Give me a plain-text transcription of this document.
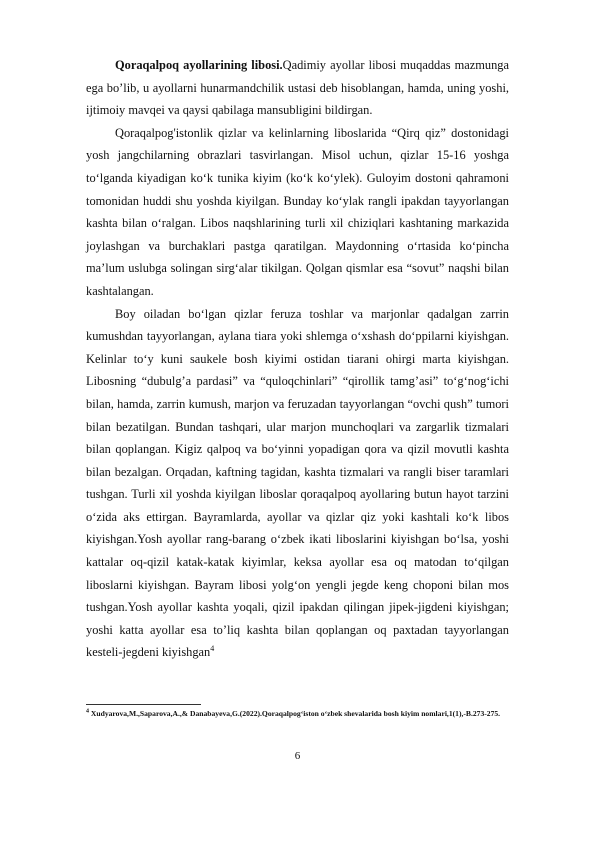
Qoraqalpoq ayollarining libosi.Qadimiy ayollar libosi muqaddas mazmunga ega bo’lib, u ayollarni hunarmandchilik ustasi deb hisoblangan, hamda, uning yoshi, ijtimoiy mavqei va qaysi qabilaga mansubligini bildirgan.

Qoraqalpog'istonlik qizlar va kelinlarning liboslarida “Qirq qiz” dostonidagi yosh jangchilarning obrazlari tasvirlangan. Misol uchun, qizlar 15-16 yoshga to‘lganda kiyadigan ko‘k tunika kiyim (ko‘k ko‘ylek). Guloyim dostoni qahramoni tomonidan huddi shu yoshda kiyilgan. Bunday ko‘ylak rangli ipakdan tayyorlangan kashta bilan o‘ralgan. Libos naqshlarining turli xil chiziqlari kashtaning markazida joylashgan va burchaklari pastga qaratilgan. Maydonning o‘rtasida ko‘pincha ma’lum uslubga solingan sirg‘alar tikilgan. Qolgan qismlar esa “sovut” naqshi bilan kashtalangan.

Boy oiladan bo‘lgan qizlar feruza toshlar va marjonlar qadalgan zarrin kumushdan tayyorlangan, aylana tiara yoki shlemga o‘xshash do‘ppilarni kiyishgan. Kelinlar to‘y kuni saukele bosh kiyimi ostidan tiarani ohirgi marta kiyishgan. Libosning “dubulg’a pardasi” va “quloqchinlari” “qirollik tamg’asi” to‘g‘nog‘ichi bilan, hamda, zarrin kumush, marjon va feruzadan tayyorlangan “ovchi qush” tumori bilan bezatilgan. Bundan tashqari, ular marjon munchoqlari va zargarlik tizmalari bilan qoplangan. Kigiz qalpoq va bo‘yinni yopadigan qora va qizil movutli kashta bilan bezalgan. Orqadan, kaftning tagidan, kashta tizmalari va rangli biser taramlari tushgan. Turli xil yoshda kiyilgan liboslar qoraqalpoq ayollaring butun hayot tarzini o‘zida aks ettirgan. Bayramlarda, ayollar va qizlar qiz yoki kashtali ko‘k libos kiyishgan.Yosh ayollar rang-barang o‘zbek ikati liboslarini kiyishgan bo‘lsa, yoshi kattalar oq-qizil katak-katak kiyimlar, keksa ayollar esa oq matodan to‘qilgan liboslarni kiyishgan. Bayram libosi yolg‘on yengli jegde keng choponi bilan mos tushgan.Yosh ayollar kashta yoqali, qizil ipakdan qilingan jipek-jigdeni kiyishgan; yoshi katta ayollar esa to’liq kashta bilan qoplangan oq paxtadan tayyorlangan kesteli-jegdeni kiyishgan$^4$

$^4$ Xudyarova,M.,Saparova,A.,& Danabayeva,G.(2022).Qoraqalpog‘iston o‘zbek shevalarida bosh kiyim nomlari,1(1),-B.273-275.
6
